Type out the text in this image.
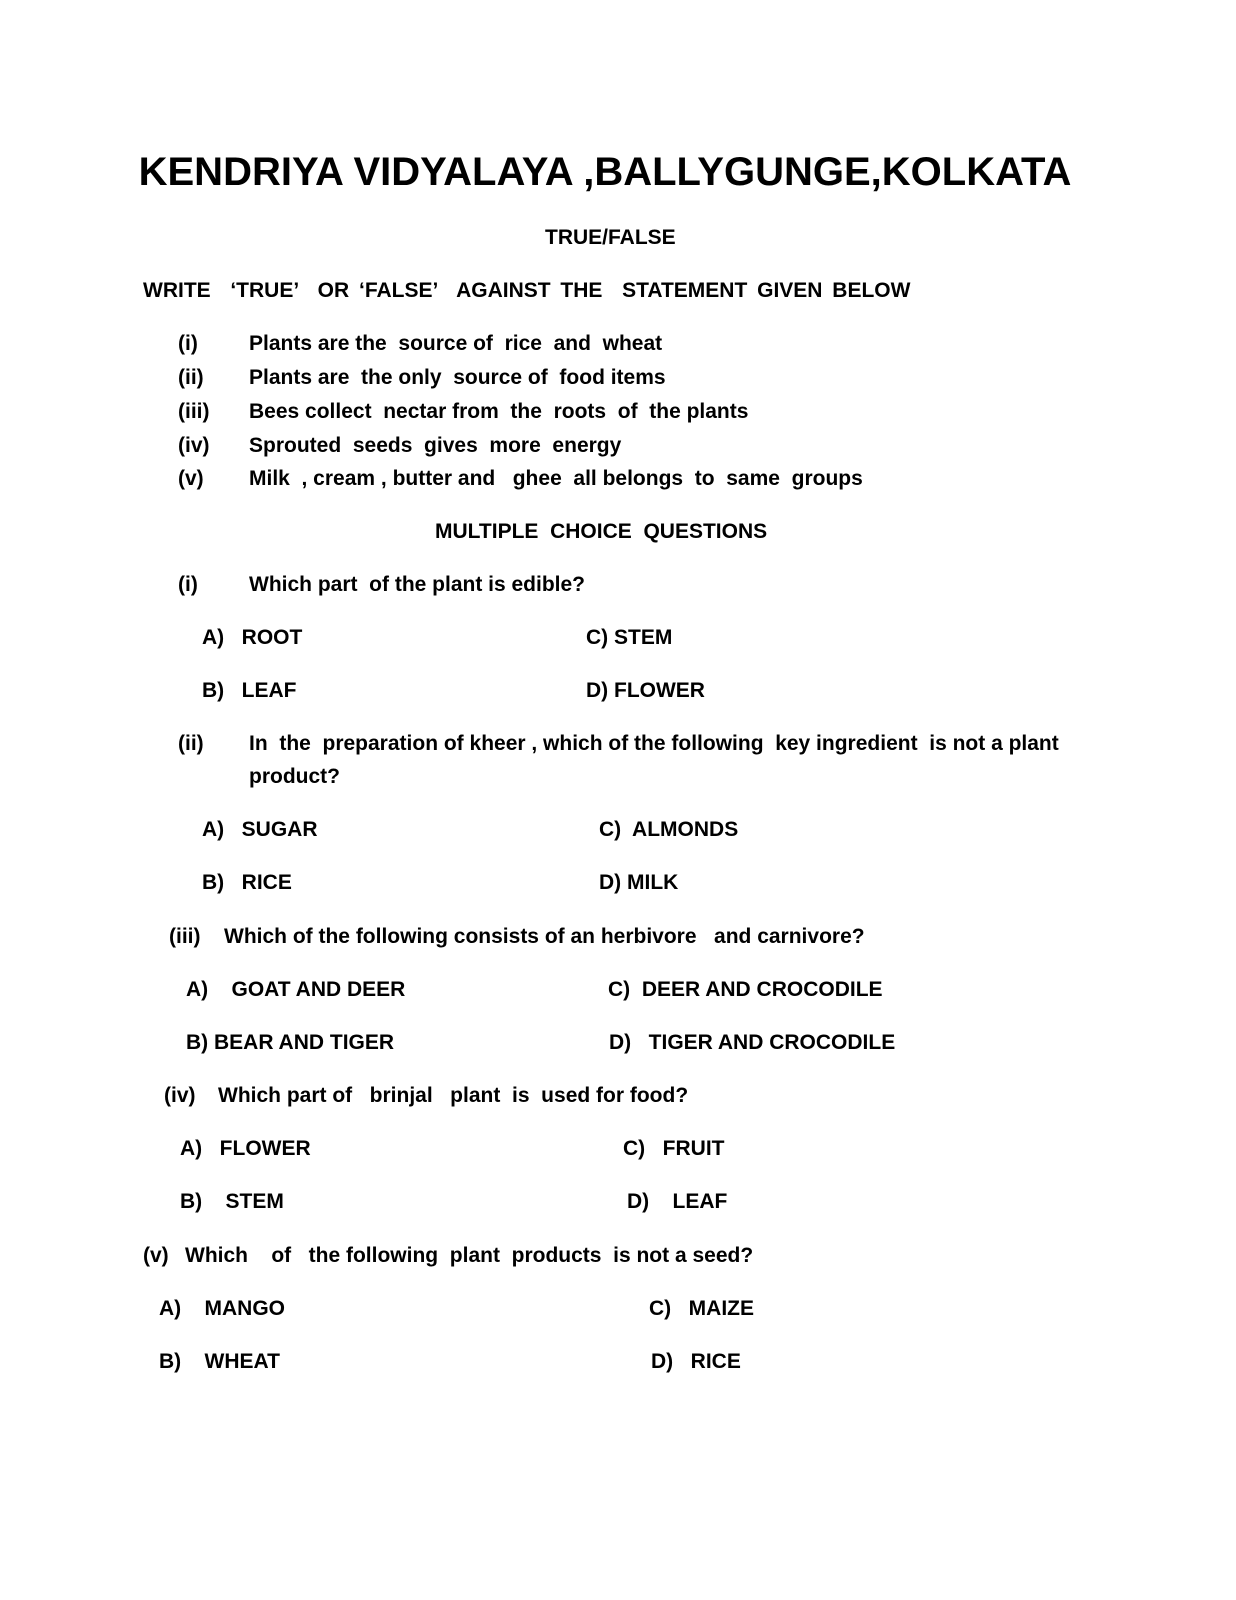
KENDRIYA VIDYALAYA ,BALLYGUNGE,KOLKATA
TRUE/FALSE
WRITE  ‘TRUE’  OR ‘FALSE’  AGAINST THE  STATEMENT GIVEN BELOW
(i) Plants are the  source of  rice  and  wheat
(ii) Plants are  the only  source of  food items
(iii) Bees collect  nectar from  the  roots  of  the plants
(iv) Sprouted  seeds  gives  more  energy
(v) Milk  , cream , butter and   ghee  all belongs  to  same  groups
MULTIPLE  CHOICE  QUESTIONS
(i) Which part  of the plant is edible?
A)   ROOT	C) STEM
B)   LEAF	D) FLOWER
(ii) In  the  preparation of kheer , which of the following  key ingredient  is not a plant
product?
A)   SUGAR	C)  ALMONDS
B)   RICE	D) MILK
(iii) Which of the following consists of an herbivore   and carnivore?
A)    GOAT AND DEER	C)  DEER AND CROCODILE
B) BEAR AND TIGER	D)   TIGER AND CROCODILE
(iv) Which part of   brinjal   plant  is  used for food?
A)   FLOWER	C)   FRUIT
B)    STEM	D)    LEAF
(v) Which    of   the following  plant  products  is not a seed?
A)    MANGO	C)   MAIZE
B)    WHEAT	D)   RICE
